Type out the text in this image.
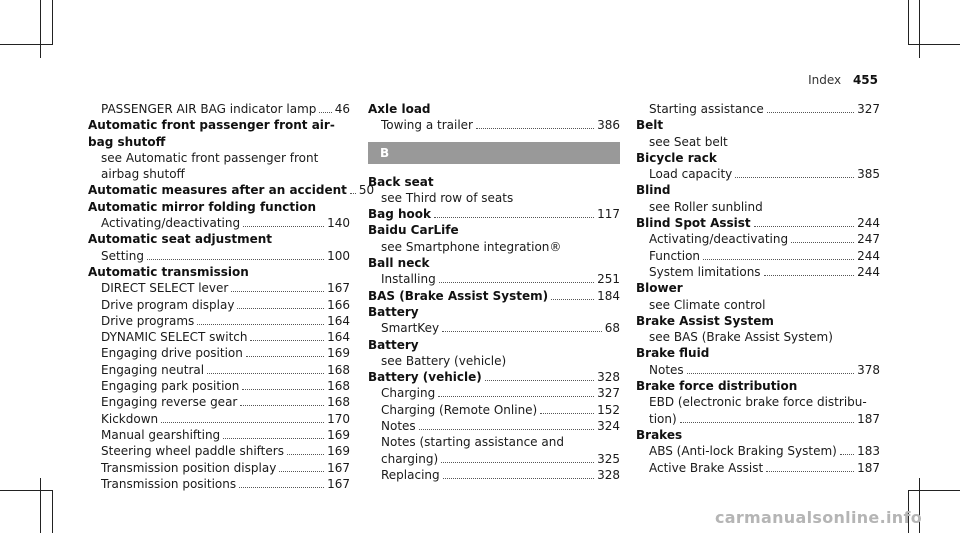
Index 455
PASSENGER AIR BAG indicator lamp 46
Automatic front passenger front air-
bag shutoff
see Automatic front passenger front
airbag shutoff
Automatic measures after an accident 50
Automatic mirror folding function
Activating/deactivating	140
Automatic seat adjustment
Setting	100
Automatic transmission
DIRECT SELECT lever	167
Drive program display	166
Drive programs	164
DYNAMIC SELECT switch	164
Engaging drive position	169
Engaging neutral	168
Engaging park position	168
Engaging reverse gear	168
Kickdown	170
Manual gearshifting	169
Steering wheel paddle shifters	169
Transmission position display	167
Transmission positions	167
Axle load
Towing a trailer	386
B
Back seat
see Third row of seats
Bag hook	117
Baidu CarLife
see Smartphone integration®
Ball neck
Installing	251
BAS (Brake Assist System)	184
Battery
SmartKey	68
Battery
see Battery (vehicle)
Battery (vehicle)	328
Charging	327
Charging (Remote Online)	152
Notes	324
Notes (starting assistance and
charging)	325
Replacing	328
Starting assistance	327
Belt
see Seat belt
Bicycle rack
Load capacity	385
Blind
see Roller sunblind
Blind Spot Assist	244
Activating/deactivating	247
Function	244
System limitations	244
Blower
see Climate control
Brake Assist System
see BAS (Brake Assist System)
Brake fluid
Notes	378
Brake force distribution
EBD (electronic brake force distribu-
tion)	187
Brakes
ABS (Anti-lock Braking System) 183
Active Brake Assist	187
carmanualsonline.info
